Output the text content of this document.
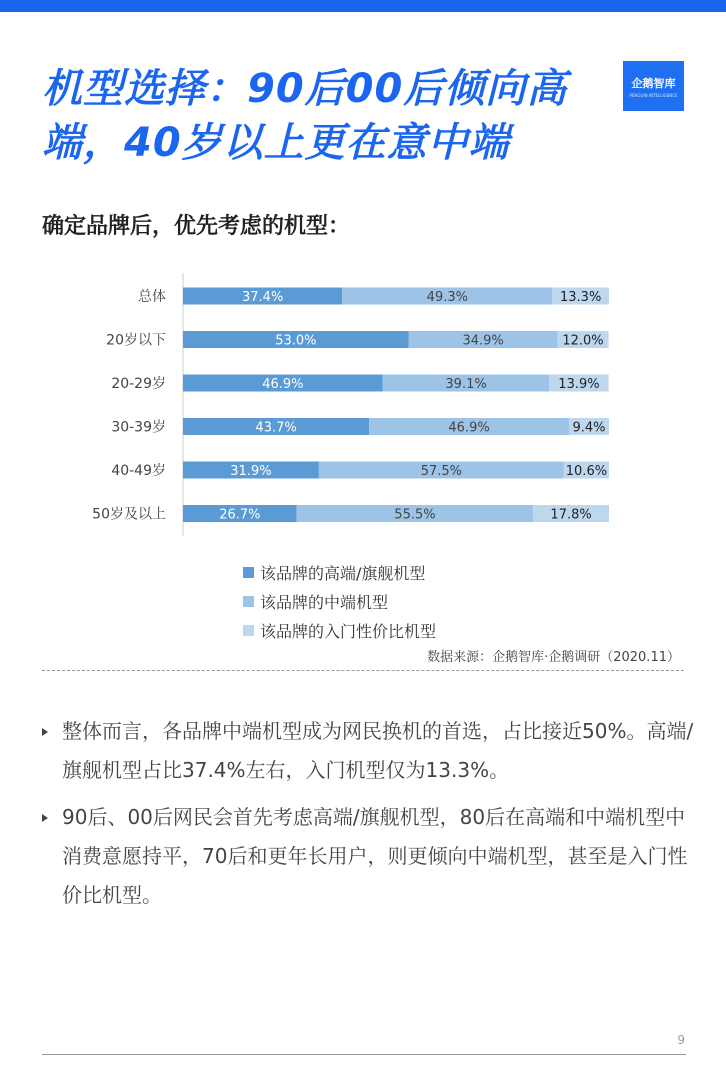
机型选择：90后00后倾向高端，40岁以上更在意中端
企鹅智库
PENGUIN INTELLIGENCE
确定品牌后，优先考虑的机型：
总体	37.4%	49.3%	13.3%
20岁以下	53.0%	34.9%	12.0%
20-29岁	46.9%	39.1%	13.9%
30-39岁	43.7%	46.9%	9.4%
40-49岁	31.9%	57.5%	10.6%
50岁及以上	26.7%	55.5%	17.8%
该品牌的高端/旗舰机型
该品牌的中端机型
该品牌的入门性价比机型
数据来源：企鹅智库·企鹅调研（2020.11）
整体而言，各品牌中端机型成为网民换机的首选，占比接近50%。高端/旗舰机型占比37.4%左右，入门机型仅为13.3%。
90后、00后网民会首先考虑高端/旗舰机型，80后在高端和中端机型中消费意愿持平，70后和更年长用户，则更倾向中端机型，甚至是入门性价比机型。
9
